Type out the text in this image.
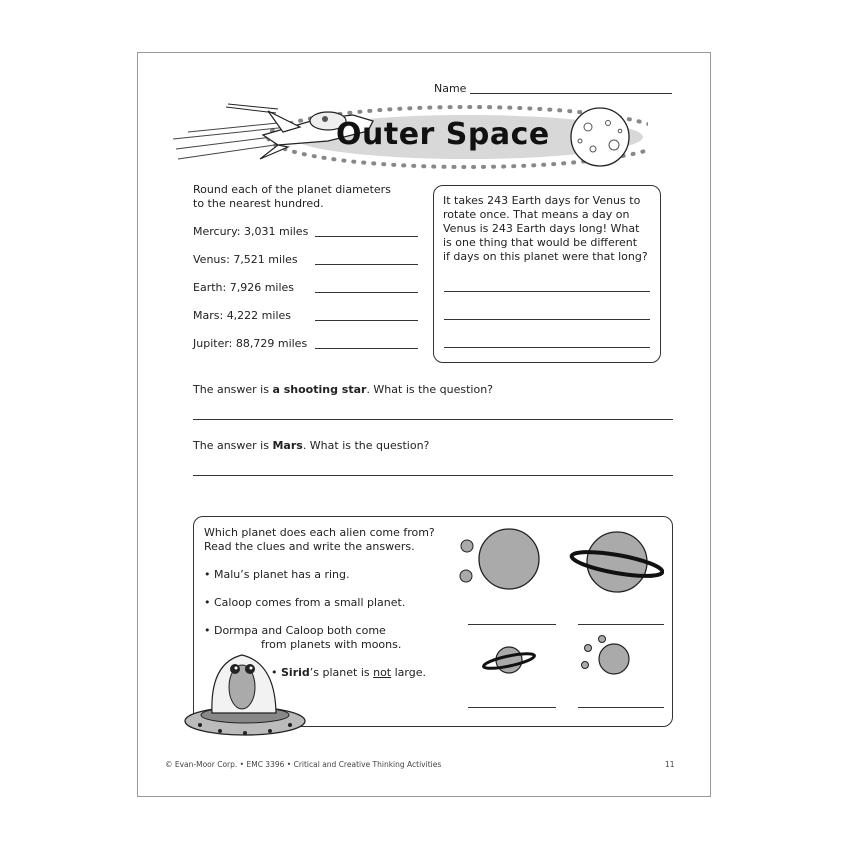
Name
Outer Space
Round each of the planet diameters
to the nearest hundred.
Mercury: 3,031 miles
Venus: 7,521 miles
Earth: 7,926 miles
Mars: 4,222 miles
Jupiter: 88,729 miles
It takes 243 Earth days for Venus to
rotate once. That means a day on
Venus is 243 Earth days long! What
is one thing that would be different
if days on this planet were that long?
The answer is a shooting star. What is the question?
The answer is Mars. What is the question?
Which planet does each alien come from?
Read the clues and write the answers.
• Malu’s planet has a ring.
• Caloop comes from a small planet.
• Dormpa and Caloop both come
from planets with moons.
• Sirid’s planet is not large.
© Evan-Moor Corp. • EMC 3396 • Critical and Creative Thinking Activities	11
